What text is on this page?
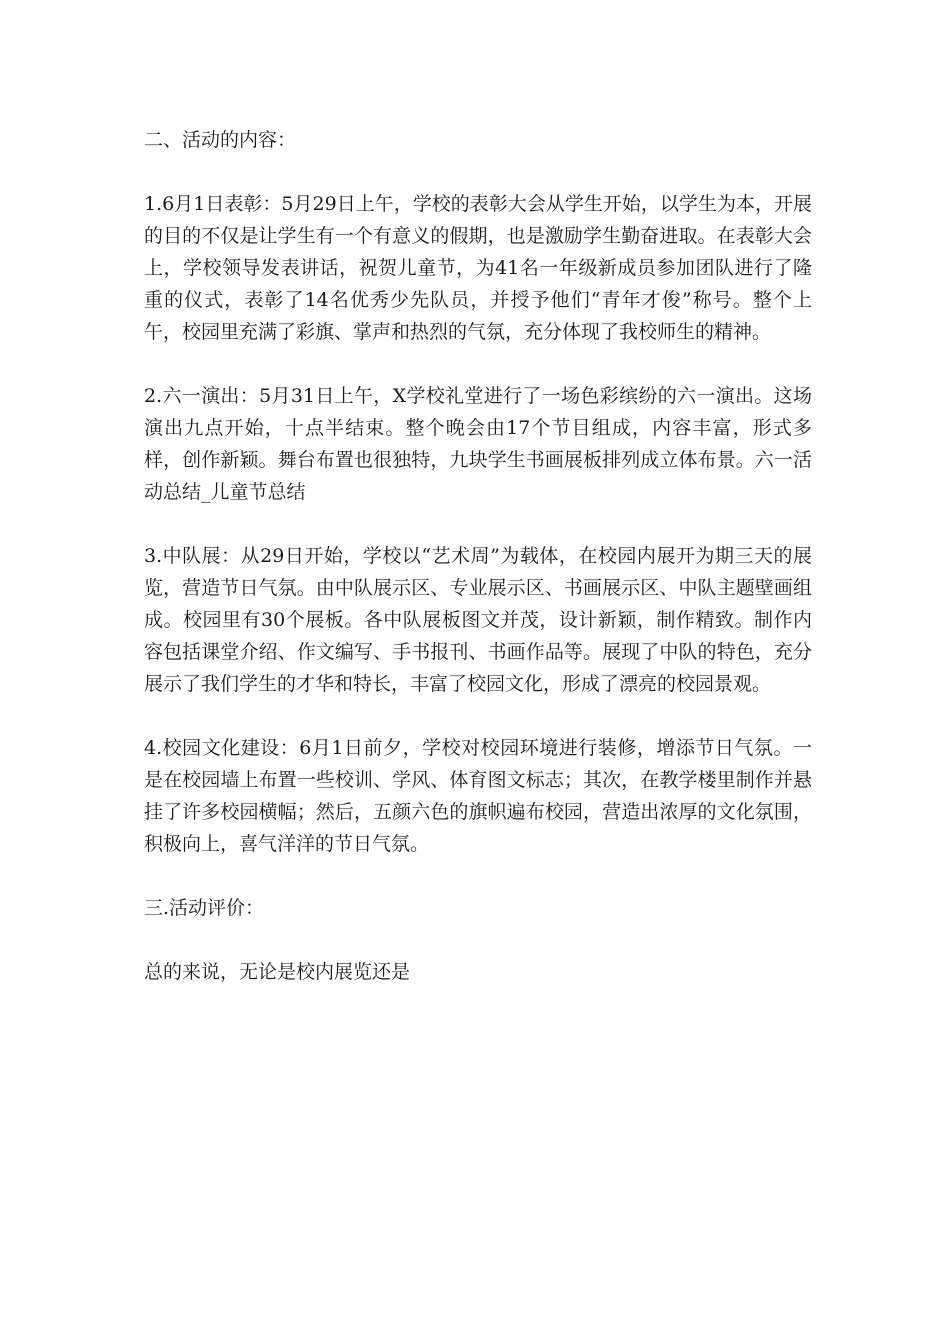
二、活动的内容：

1.6月1日表彰：5月29日上午，学校的表彰大会从学生开始，以学生为本，开展的目的不仅是让学生有一个有意义的假期，也是激励学生勤奋进取。在表彰大会上，学校领导发表讲话，祝贺儿童节，为41名一年级新成员参加团队进行了隆重的仪式，表彰了14名优秀少先队员，并授予他们“青年才俊”称号。整个上午，校园里充满了彩旗、掌声和热烈的气氛，充分体现了我校师生的精神。

2.六一演出：5月31日上午，X学校礼堂进行了一场色彩缤纷的六一演出。这场演出九点开始，十点半结束。整个晚会由17个节目组成，内容丰富，形式多样，创作新颖。舞台布置也很独特，九块学生书画展板排列成立体布景。六一活动总结_儿童节总结

3.中队展：从29日开始，学校以“艺术周”为载体，在校园内展开为期三天的展览，营造节日气氛。由中队展示区、专业展示区、书画展示区、中队主题壁画组成。校园里有30个展板。各中队展板图文并茂，设计新颖，制作精致。制作内容包括课堂介绍、作文编写、手书报刊、书画作品等。展现了中队的特色，充分展示了我们学生的才华和特长，丰富了校园文化，形成了漂亮的校园景观。

4.校园文化建设：6月1日前夕，学校对校园环境进行装修，增添节日气氛。一是在校园墙上布置一些校训、学风、体育图文标志；其次，在教学楼里制作并悬挂了许多校园横幅；然后，五颜六色的旗帜遍布校园，营造出浓厚的文化氛围，积极向上，喜气洋洋的节日气氛。

三.活动评价：

总的来说，无论是校内展览还是
